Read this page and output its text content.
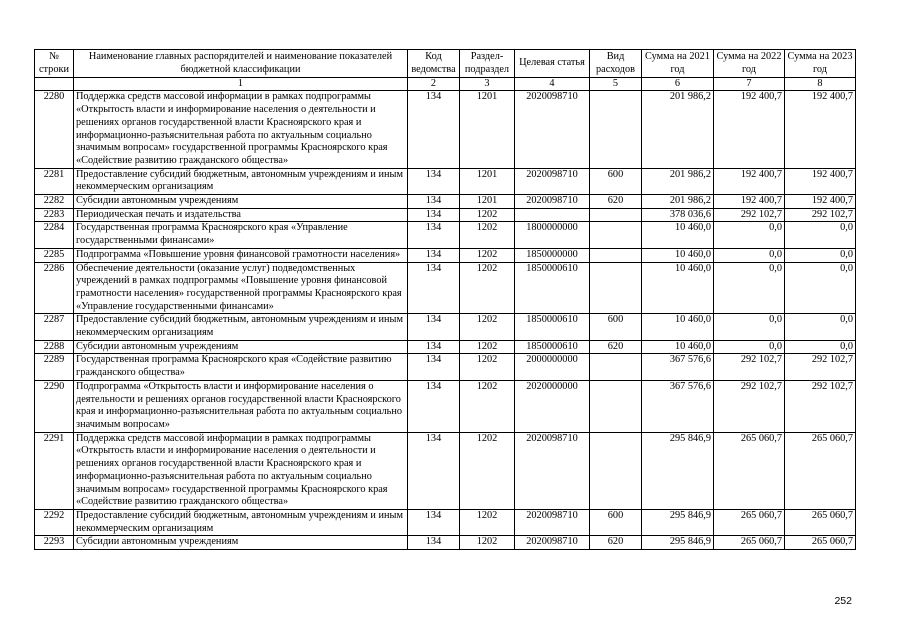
№ строки	Наименование главных распорядителей и наименование показателей бюджетной классификации	Код ведомства	Раздел-подраздел	Целевая статья	Вид расходов	Сумма на 2021 год	Сумма на 2022 год	Сумма на 2023 год
	1	2	3	4	5	6	7	8
2280	Поддержка средств массовой информации в рамках подпрограммы «Открытость власти и информирование населения о деятельности и решениях органов государственной власти Красноярского края и информационно-разъяснительная работа по актуальным социально значимым вопросам» государственной программы Красноярского края «Содействие развитию гражданского общества»	134	1201	2020098710		201 986,2	192 400,7	192 400,7
2281	Предоставление субсидий бюджетным, автономным учреждениям и иным некоммерческим организациям	134	1201	2020098710	600	201 986,2	192 400,7	192 400,7
2282	Субсидии автономным учреждениям	134	1201	2020098710	620	201 986,2	192 400,7	192 400,7
2283	Периодическая печать и издательства	134	1202			378 036,6	292 102,7	292 102,7
2284	Государственная программа Красноярского края «Управление государственными финансами»	134	1202	1800000000		10 460,0	0,0	0,0
2285	Подпрограмма «Повышение уровня финансовой грамотности населения»	134	1202	1850000000		10 460,0	0,0	0,0
2286	Обеспечение деятельности (оказание услуг) подведомственных учреждений в рамках подпрограммы «Повышение уровня финансовой грамотности населения» государственной программы Красноярского края «Управление государственными финансами»	134	1202	1850000610		10 460,0	0,0	0,0
2287	Предоставление субсидий бюджетным, автономным учреждениям и иным некоммерческим организациям	134	1202	1850000610	600	10 460,0	0,0	0,0
2288	Субсидии автономным учреждениям	134	1202	1850000610	620	10 460,0	0,0	0,0
2289	Государственная программа Красноярского края «Содействие развитию гражданского общества»	134	1202	2000000000		367 576,6	292 102,7	292 102,7
2290	Подпрограмма «Открытость власти и информирование населения о деятельности и решениях органов государственной власти Красноярского края и информационно-разъяснительная работа по актуальным социально значимым вопросам»	134	1202	2020000000		367 576,6	292 102,7	292 102,7
2291	Поддержка средств массовой информации в рамках подпрограммы «Открытость власти и информирование населения о деятельности и решениях органов государственной власти Красноярского края и информационно-разъяснительная работа по актуальным социально значимым вопросам» государственной программы Красноярского края «Содействие развитию гражданского общества»	134	1202	2020098710		295 846,9	265 060,7	265 060,7
2292	Предоставление субсидий бюджетным, автономным учреждениям и иным некоммерческим организациям	134	1202	2020098710	600	295 846,9	265 060,7	265 060,7
2293	Субсидии автономным учреждениям	134	1202	2020098710	620	295 846,9	265 060,7	265 060,7
252
